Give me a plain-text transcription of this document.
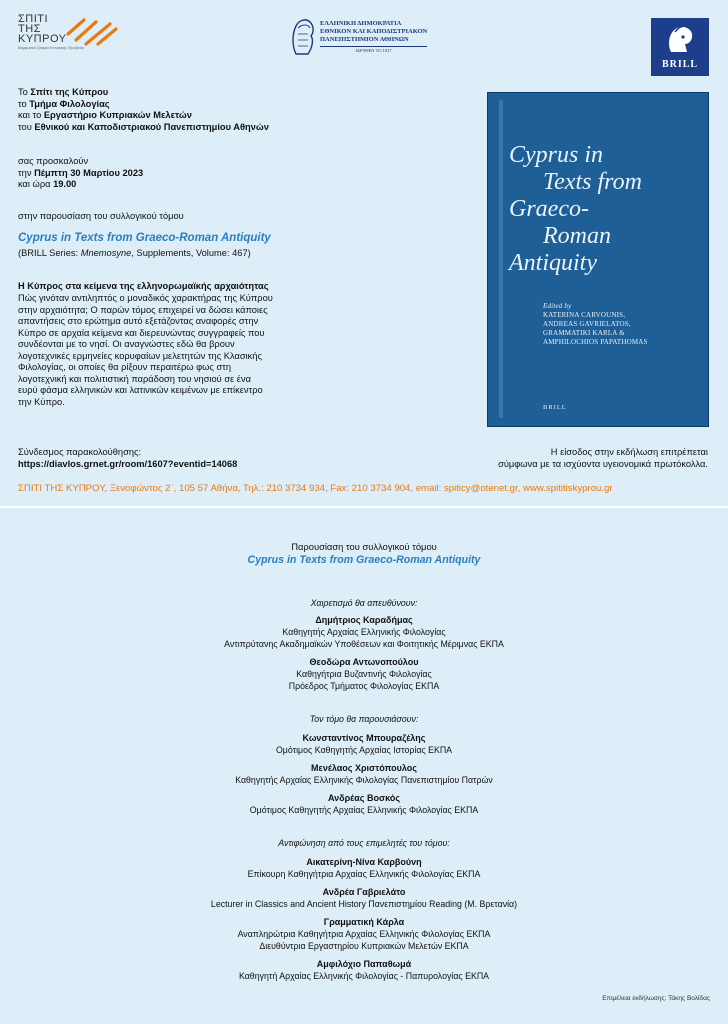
ΣΠΙΤΙ
ΤΗΣ
ΚΥΠΡΟΥ
Μορφωτικό Γραφείο Κυπριακής Πρεσβείας
ΕΛΛΗΝΙΚΗ ΔΗΜΟΚΡΑΤΙΑ
ΕΘΝΙΚΟΝ ΚΑΙ ΚΑΠΟΔΙΣΤΡΙΑΚΟΝ
ΠΑΝΕΠΙΣΤΗΜΙΟΝ ΑΘΗΝΩΝ
ΙΔΡΥΘΕΝ ΤΟ 1837
BRILL
Το Σπίτι της Κύπρου
το Τμήμα Φιλολογίας
και το Εργαστήριο Κυπριακών Μελετών
του Εθνικού και Καποδιστριακού Πανεπιστημίου Αθηνών
σας προσκαλούν
την Πέμπτη 30 Μαρτίου 2023
και ώρα 19.00
στην παρουσίαση του συλλογικού τόμου
Cyprus in Texts from Graeco-Roman Antiquity
(BRILL Series: Mnemosyne, Supplements, Volume: 467)
Η Κύπρος στα κείμενα της ελληνορωμαϊκής αρχαιότητας
Πώς γινόταν αντιληπτός ο μοναδικός χαρακτήρας της Κύπρου
στην αρχαιότητα; Ο παρών τόμος επιχειρεί να δώσει κάποιες
απαντήσεις στο ερώτημα αυτό εξετάζοντας αναφορές στην
Κύπρο σε αρχαία κείμενα και διερευνώντας συγγραφείς που
συνδέονται με το νησί. Οι αναγνώστες εδώ θα βρουν
λογοτεχνικές ερμηνείες κορυφαίων μελετητών της Κλασικής
Φιλολογίας, οι οποίες θα ρίξουν περαιτέρω φως στη
λογοτεχνική και πολιτιστική παράδοση του νησιού σε ένα
ευρύ φάσμα ελληνικών και λατινικών κειμένων με επίκεντρο
την Κύπρο.
Σύνδεσμος παρακολούθησης:
https://diavlos.grnet.gr/room/1607?eventid=14068
Η είσοδος στην εκδήλωση επιτρέπεται
σύμφωνα με τα ισχύοντα υγειονομικά πρωτόκολλα.
ΣΠΙΤΙ ΤΗΣ ΚΥΠΡΟΥ, Ξενοφώντος 2᾽, 105 57 Αθήνα, Τηλ.: 210 3734 934, Fax: 210 3734 904, email: spiticy@otenet.gr, www.spititiskyprou.gr
Cyprus in
Texts from
Graeco-
Roman
Antiquity
Edited by
KATERINA CARVOUNIS,
ANDREAS GAVRIELATOS,
GRAMMATIKI KARLA &
AMPHILOCHIOS PAPATHOMAS
BRILL
Παρουσίαση του συλλογικού τόμου
Cyprus in Texts from Graeco-Roman Antiquity
Χαιρετισμό θα απευθύνουν:
Δημήτριος Καραδήμας
Καθηγητής Αρχαίας Ελληνικής Φιλολογίας
Αντιπρύτανης Ακαδημαϊκών Υποθέσεων και Φοιτητικής Μέριμνας ΕΚΠΑ
Θεοδώρα Αντωνοπούλου
Καθηγήτρια Βυζαντινής Φιλολογίας
Πρόεδρος Τμήματος Φιλολογίας ΕΚΠΑ
Τον τόμο θα παρουσιάσουν:
Κωνσταντίνος Μπουραζέλης
Ομότιμος Καθηγητής Αρχαίας Ιστορίας ΕΚΠΑ
Μενέλαος Χριστόπουλος
Καθηγητής Αρχαίας Ελληνικής Φιλολογίας Πανεπιστημίου Πατρών
Ανδρέας Βοσκός
Ομότιμος Καθηγητής Αρχαίας Ελληνικής Φιλολογίας ΕΚΠΑ
Αντιφώνηση από τους επιμελητές του τόμου:
Αικατερίνη-Νίνα Καρβούνη
Επίκουρη Καθηγήτρια Αρχαίας Ελληνικής Φιλολογίας ΕΚΠΑ
Ανδρέα Γαβριελάτο
Lecturer in Classics and Ancient History Πανεπιστημίου Reading (Μ. Βρετανία)
Γραμματική Κάρλα
Αναπληρώτρια Καθηγήτρια Αρχαίας Ελληνικής Φιλολογίας ΕΚΠΑ
Διευθύντρια Εργαστηρίου Κυπριακών Μελετών ΕΚΠΑ
Αμφιλόχιο Παπαθωμά
Καθηγητή Αρχαίας Ελληνικής Φιλολογίας - Παπυρολογίας ΕΚΠΑ
Επιμέλεια εκδήλωσης: Τάκης Βολίδας
